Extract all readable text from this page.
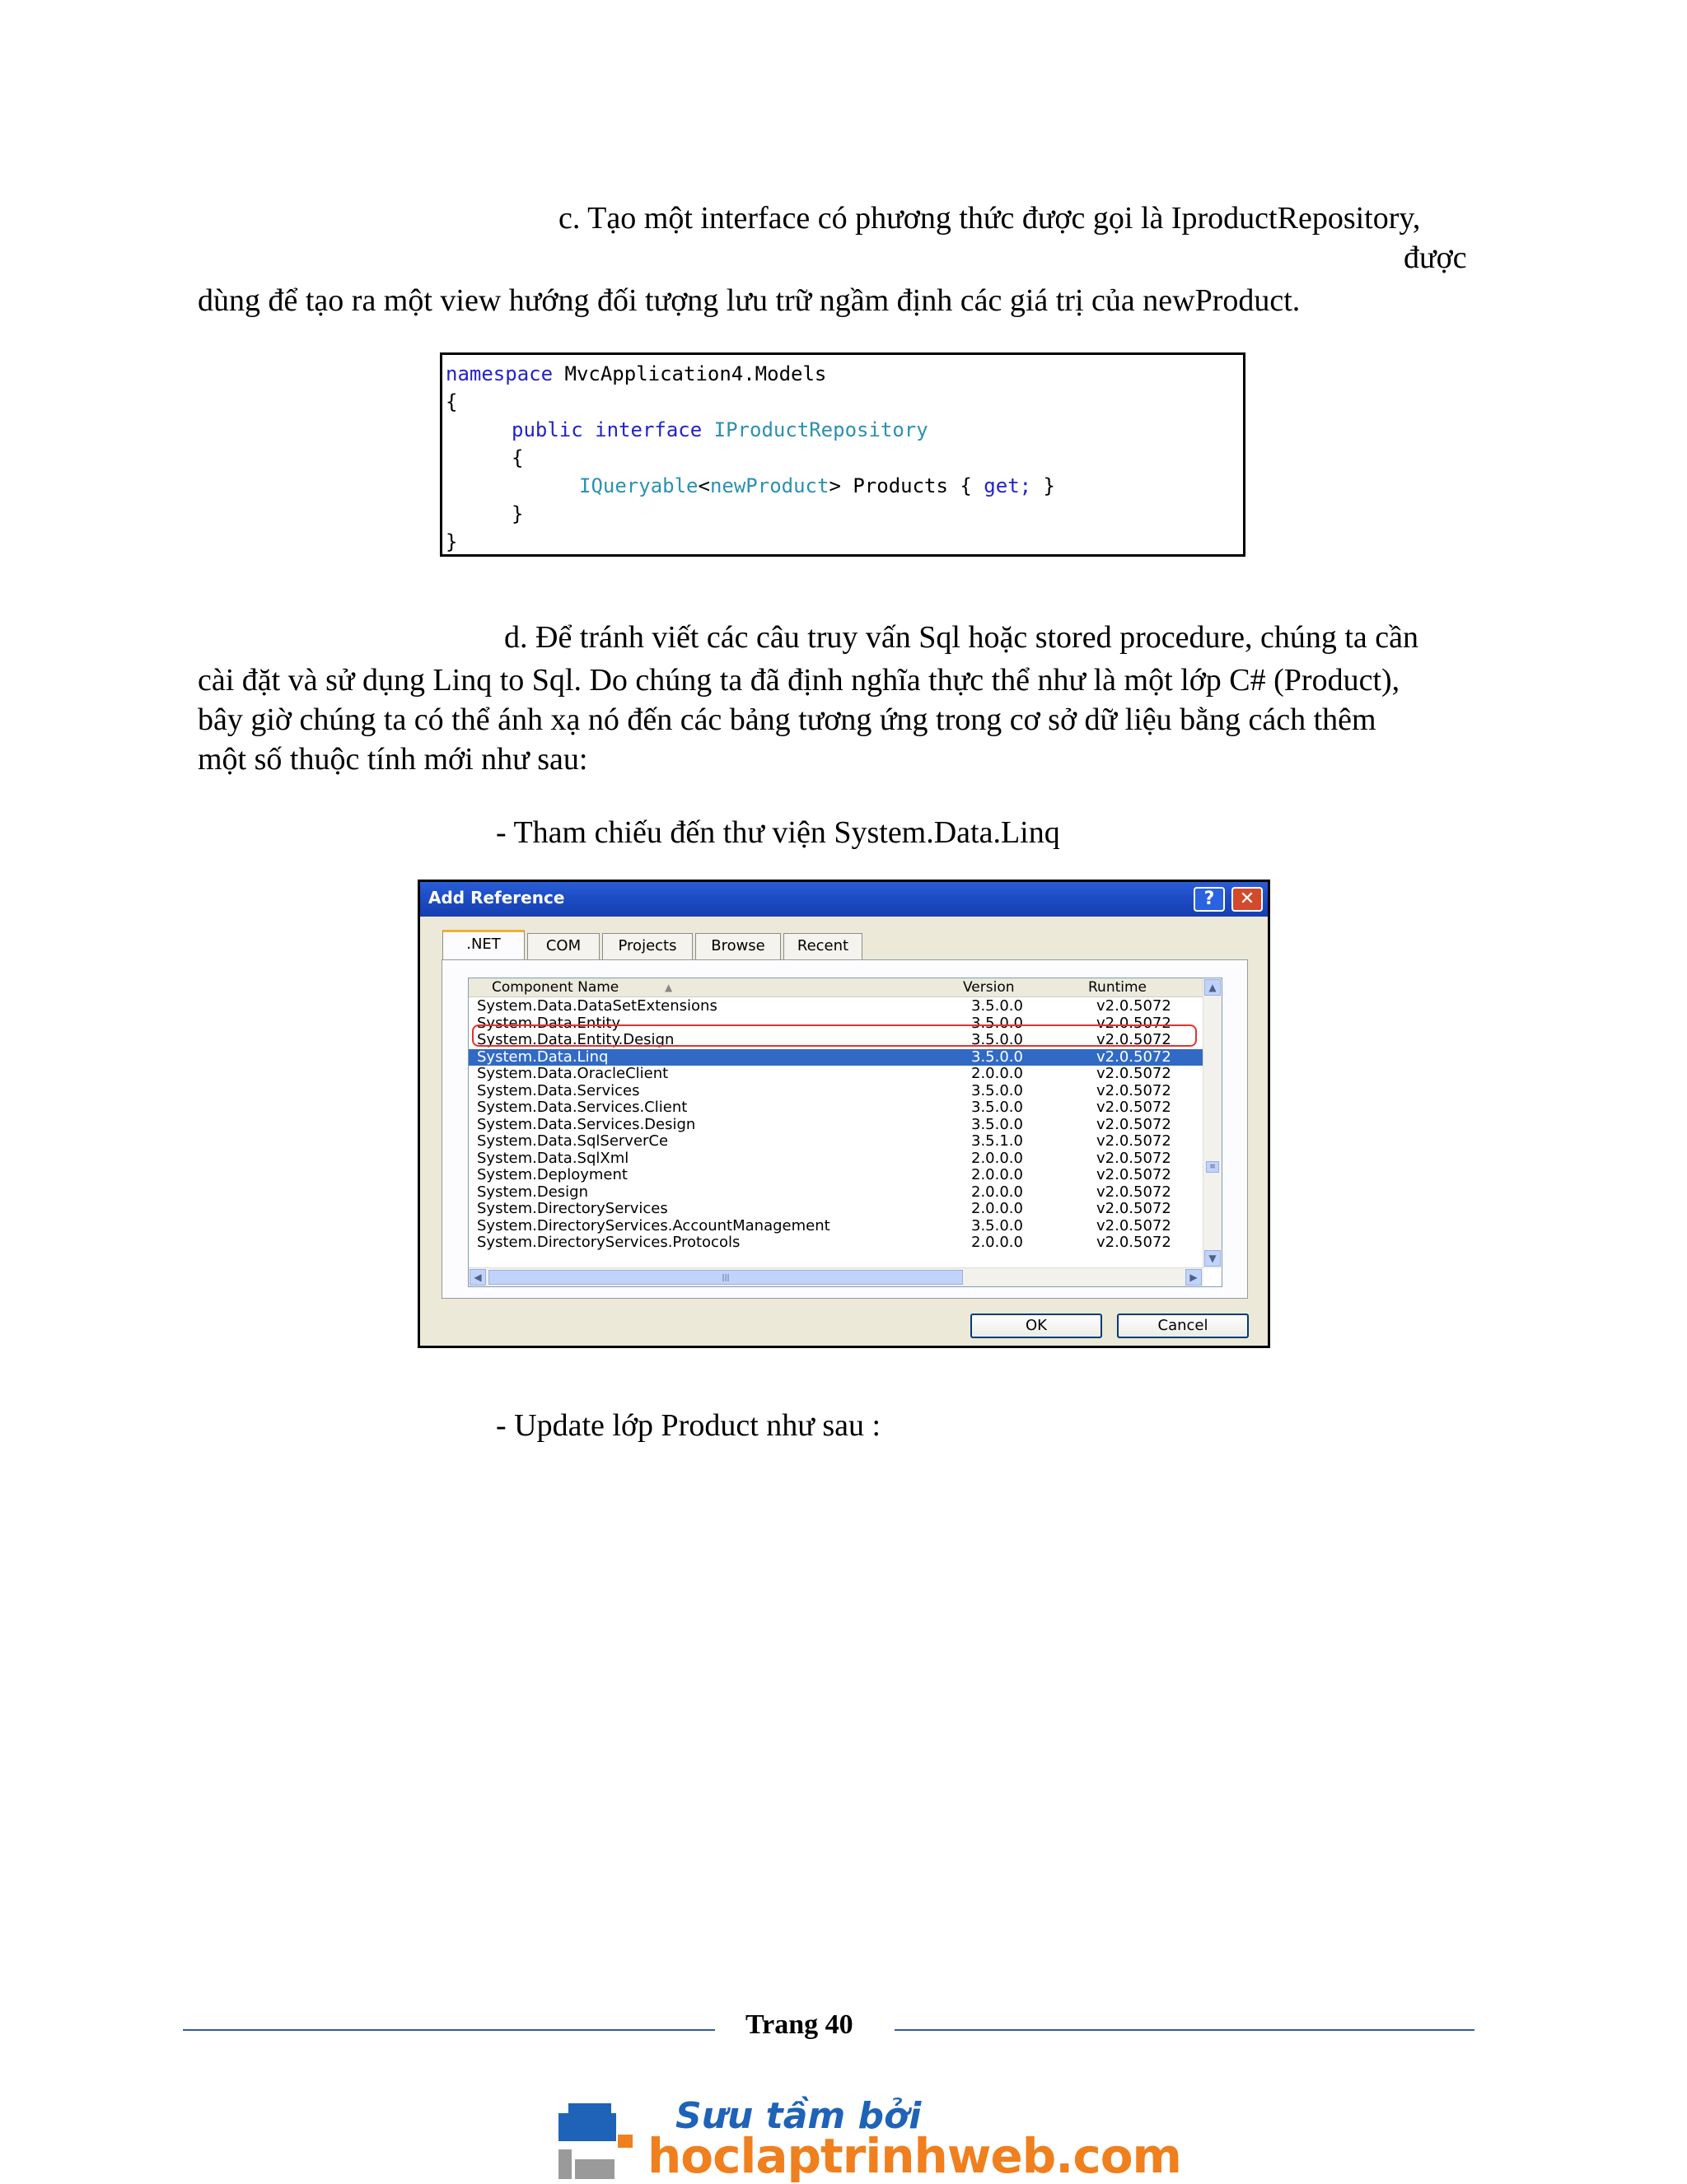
c. Tạo một interface có phương thức được gọi là IproductRepository,
được
dùng để tạo ra một view hướng đối tượng lưu trữ ngầm định các giá trị của newProduct.
namespace MvcApplication4.Models
{
public interface IProductRepository
{
IQueryable<newProduct> Products { get; }
}
}
d. Để tránh viết các câu truy vấn Sql hoặc stored procedure, chúng ta cần
cài đặt và sử dụng Linq to Sql. Do chúng ta đã định nghĩa thực thể như là một lớp C# (Product),
bây giờ chúng ta có thể ánh xạ nó đến các bảng tương ứng trong cơ sở dữ liệu bằng cách thêm
một số thuộc tính mới như sau:
- Tham chiếu đến thư viện System.Data.Linq
Add Reference	?	✕
.NET	COM	Projects	Browse	Recent
Component Name	▲	Version	Runtime
System.Data.DataSetExtensions	3.5.0.0	v2.0.5072
System.Data.Entity	3.5.0.0	v2.0.5072
System.Data.Entity.Design	3.5.0.0	v2.0.5072
System.Data.Linq	3.5.0.0	v2.0.5072
System.Data.OracleClient	2.0.0.0	v2.0.5072
System.Data.Services	3.5.0.0	v2.0.5072
System.Data.Services.Client	3.5.0.0	v2.0.5072
System.Data.Services.Design	3.5.0.0	v2.0.5072
System.Data.SqlServerCe	3.5.1.0	v2.0.5072
System.Data.SqlXml	2.0.0.0	v2.0.5072
System.Deployment	2.0.0.0	v2.0.5072
System.Design	2.0.0.0	v2.0.5072
System.DirectoryServices	2.0.0.0	v2.0.5072
System.DirectoryServices.AccountManagement	3.5.0.0	v2.0.5072
System.DirectoryServices.Protocols	2.0.0.0	v2.0.5072
▲
≡
▼
◀	|||	▶
OK	Cancel
- Update lớp Product như sau :
Trang 40
Sưu tầm bởi
hoclaptrinhweb.com
